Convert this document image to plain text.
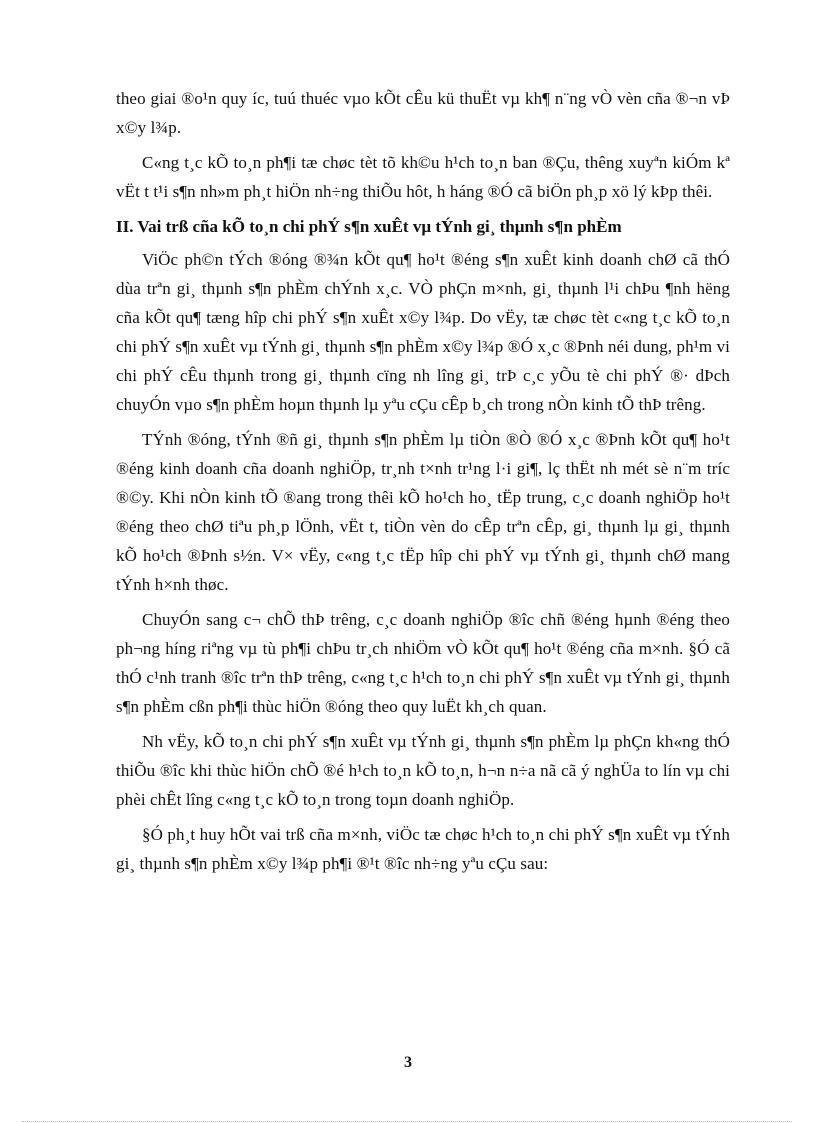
theo giai ®o¹n quy íc, tuú thuéc vµo kÕt cÊu kü thuËt vµ kh¶ n¨ng vÒ vèn cña ®¬n vÞ x©y l¾p.

C«ng t¸c kÕ to¸n ph¶i tæ chøc tèt tõ kh©u h¹ch to¸n ban ®Çu, thêng xuyªn kiÓm kª vËt t t¹i s¶n nh»m ph¸t hiÖn nh÷ng thiÕu hôt, h háng ®Ó cã biÖn ph¸p xö lý kÞp thêi.

II. Vai trß cña kÕ to¸n chi phÝ s¶n xuÊt vµ tÝnh gi¸ thµnh s¶n phÈm

ViÖc ph©n tÝch ®óng ®¾n kÕt qu¶ ho¹t ®éng s¶n xuÊt kinh doanh chØ cã thÓ dùa trªn gi¸ thµnh s¶n phÈm chÝnh x¸c. VÒ phÇn m×nh, gi¸ thµnh l¹i chÞu ¶nh hëng cña kÕt qu¶ tæng hîp chi phÝ s¶n xuÊt x©y l¾p. Do vËy, tæ chøc tèt c«ng t¸c kÕ to¸n chi phÝ s¶n xuÊt vµ tÝnh gi¸ thµnh s¶n phÈm x©y l¾p ®Ó x¸c ®Þnh néi dung, ph¹m vi chi phÝ cÊu thµnh trong gi¸ thµnh cïng nh lîng gi¸ trÞ c¸c yÕu tè chi phÝ ®· dÞch chuyÓn vµo s¶n phÈm hoµn thµnh lµ yªu cÇu cÊp b¸ch trong nÒn kinh tÕ thÞ trêng.

TÝnh ®óng, tÝnh ®ñ gi¸ thµnh s¶n phÈm lµ tiÒn ®Ò ®Ó x¸c ®Þnh kÕt qu¶ ho¹t ®éng kinh doanh cña doanh nghiÖp, tr¸nh t×nh tr¹ng l·i gi¶, lç thËt nh mét sè n¨m tríc ®©y. Khi nÒn kinh tÕ ®ang trong thêi kÕ ho¹ch ho¸ tËp trung, c¸c doanh nghiÖp ho¹t ®éng theo chØ tiªu ph¸p lÖnh, vËt t, tiÒn vèn do cÊp trªn cÊp, gi¸ thµnh lµ gi¸ thµnh kÕ ho¹ch ®Þnh s½n. V× vËy, c«ng t¸c tËp hîp chi phÝ vµ tÝnh gi¸ thµnh chØ mang tÝnh h×nh thøc.

ChuyÓn sang c¬ chÕ thÞ trêng, c¸c doanh nghiÖp ®îc chñ ®éng hµnh ®éng theo ph¬ng híng riªng vµ tù ph¶i chÞu tr¸ch nhiÖm vÒ kÕt qu¶ ho¹t ®éng cña m×nh. §Ó cã thÓ c¹nh tranh ®îc trªn thÞ trêng, c«ng t¸c h¹ch to¸n chi phÝ s¶n xuÊt vµ tÝnh gi¸ thµnh s¶n phÈm cßn ph¶i thùc hiÖn ®óng theo quy luËt kh¸ch quan.

Nh vËy, kÕ to¸n chi phÝ s¶n xuÊt vµ tÝnh gi¸ thµnh s¶n phÈm lµ phÇn kh«ng thÓ thiÕu ®îc khi thùc hiÖn chÕ ®é h¹ch to¸n kÕ to¸n, h¬n n÷a nã cã ý nghÜa to lín vµ chi phèi chÊt lîng c«ng t¸c kÕ to¸n trong toµn doanh nghiÖp.

§Ó ph¸t huy hÕt vai trß cña m×nh, viÖc tæ chøc h¹ch to¸n chi phÝ s¶n xuÊt vµ tÝnh gi¸ thµnh s¶n phÈm x©y l¾p ph¶i ®¹t ®îc nh÷ng yªu cÇu sau:

3
